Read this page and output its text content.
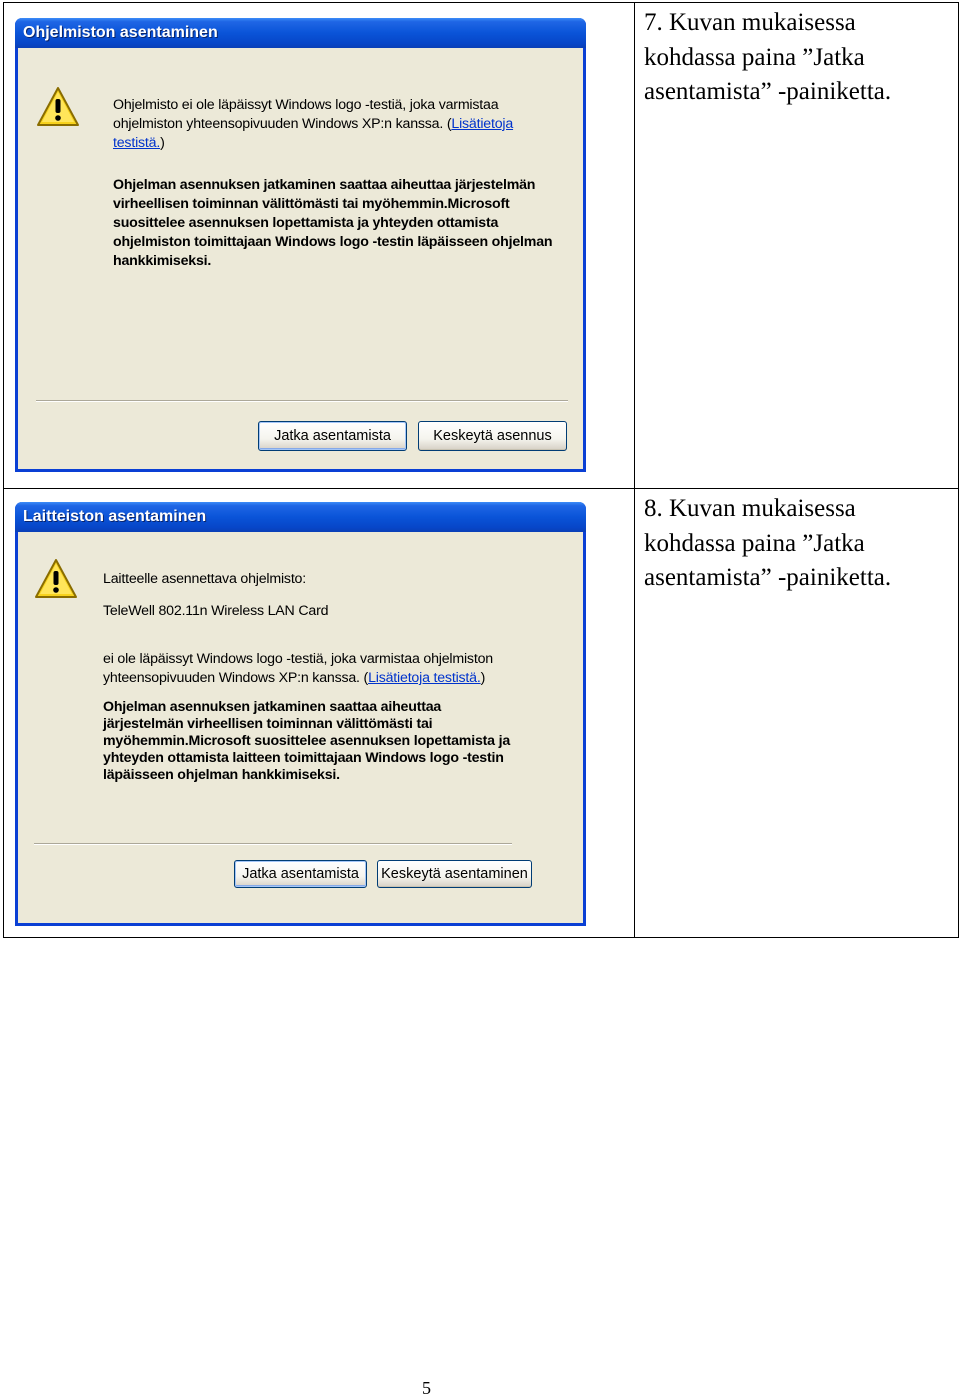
Ohjelmiston asentaminen
Ohjelmisto ei ole läpäissyt Windows logo -testiä, joka varmistaa ohjelmiston yhteensopivuuden Windows XP:n kanssa. (Lisätietoja testistä.)
Ohjelman asennuksen jatkaminen saattaa aiheuttaa järjestelmän virheellisen toiminnan välittömästi tai myöhemmin.Microsoft suosittelee asennuksen lopettamista ja yhteyden ottamista ohjelmiston toimittajaan Windows logo -testin läpäisseen ohjelman hankkimiseksi.
Jatka asentamista	Keskeytä asennus
7. Kuvan mukaisessa kohdassa paina ”Jatka asentamista” -painiketta.
Laitteiston asentaminen
Laitteelle asennettava ohjelmisto:
TeleWell 802.11n Wireless LAN Card
ei ole läpäissyt Windows logo -testiä, joka varmistaa ohjelmiston yhteensopivuuden Windows XP:n kanssa. (Lisätietoja testistä.)
Ohjelman asennuksen jatkaminen saattaa aiheuttaa järjestelmän virheellisen toiminnan välittömästi tai myöhemmin.Microsoft suosittelee asennuksen lopettamista ja yhteyden ottamista laitteen toimittajaan Windows logo -testin läpäisseen ohjelman hankkimiseksi.
Jatka asentamista	Keskeytä asentaminen
8. Kuvan mukaisessa kohdassa paina ”Jatka asentamista” -painiketta.
5
